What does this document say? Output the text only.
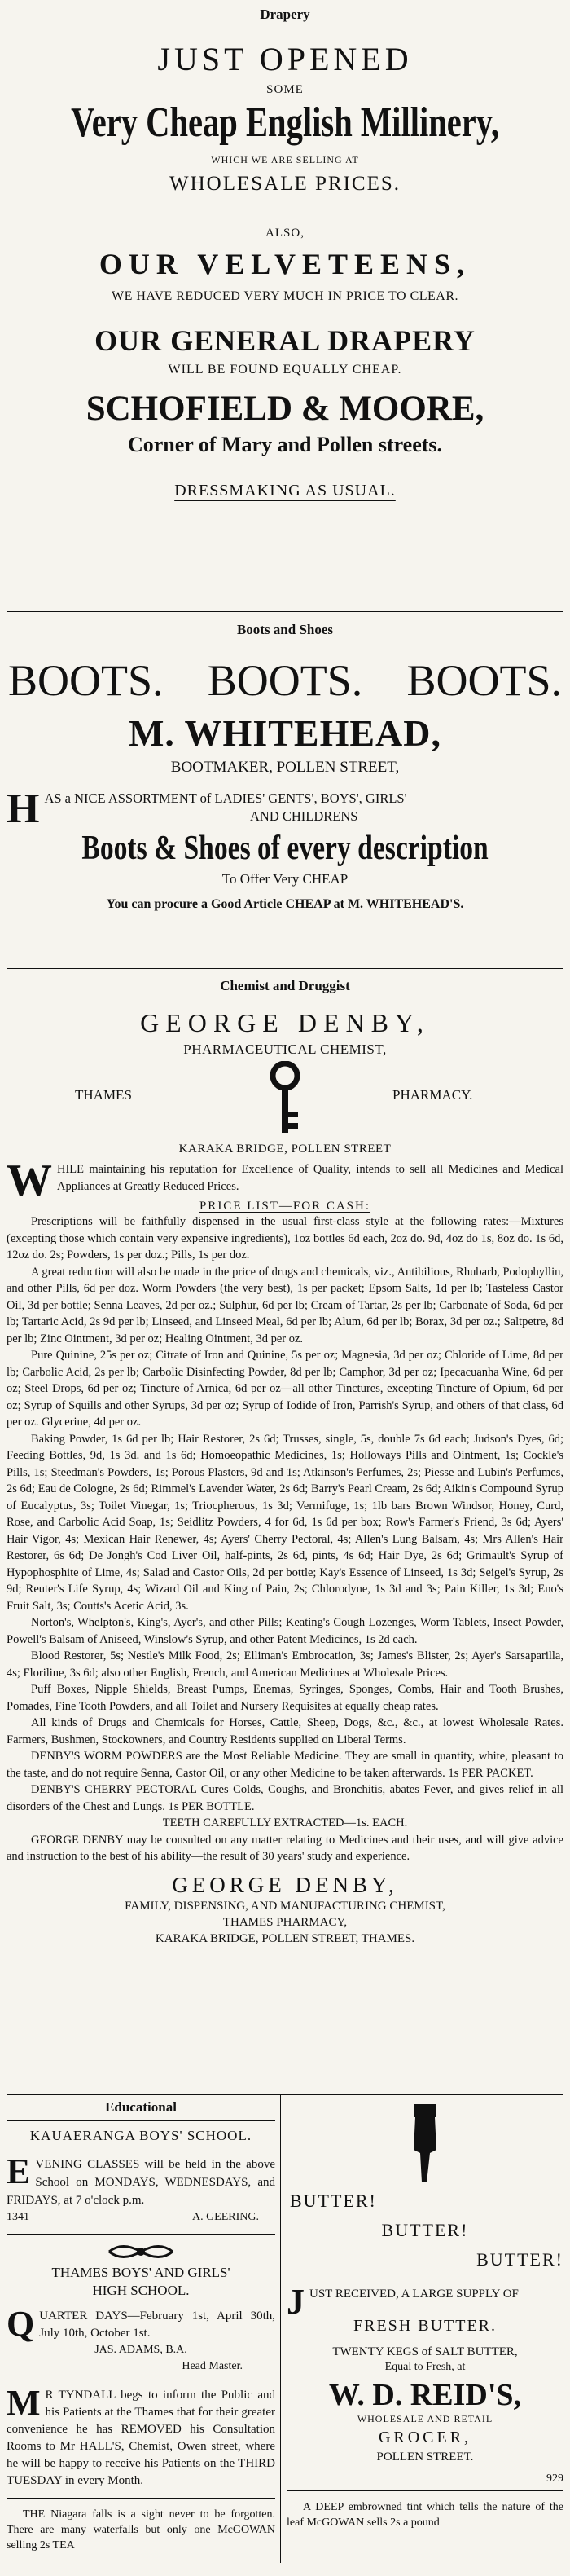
Drapery
JUST OPENED
SOME
Very Cheap English Millinery,
WHICH WE ARE SELLING AT
WHOLESALE PRICES.
ALSO,
OUR VELVETEENS,
WE HAVE REDUCED VERY MUCH IN PRICE TO CLEAR.
OUR GENERAL DRAPERY
WILL BE FOUND EQUALLY CHEAP.
SCHOFIELD & MOORE,
Corner of Mary and Pollen streets.
DRESSMAKING AS USUAL.
Boots and Shoes
BOOTS. BOOTS. BOOTS.
M. WHITEHEAD,
BOOTMAKER, POLLEN STREET,
H AS a NICE ASSORTMENT of LADIES' GENTS', BOYS', GIRLS'
AND CHILDRENS
Boots & Shoes of every description
To Offer Very CHEAP
You can procure a Good Article CHEAP at M. WHITEHEAD'S.
Chemist and Druggist
GEORGE DENBY,
PHARMACEUTICAL CHEMIST,
THAMES	PHARMACY.
KARAKA BRIDGE, POLLEN STREET
WHILE maintaining his reputation for Excellence of Quality, intends to sell all Medicines and Medical Appliances at Greatly Reduced Prices.
PRICE LIST—FOR CASH:
Prescriptions will be faithfully dispensed in the usual first-class style at the following rates:—Mixtures (excepting those which contain very expensive ingredients), 1oz bottles 6d each, 2oz do. 9d, 4oz do 1s, 8oz do. 1s 6d, 12oz do. 2s; Powders, 1s per doz.; Pills, 1s per doz.
A great reduction will also be made in the price of drugs and chemicals, viz., Antibilious, Rhubarb, Podophyllin, and other Pills, 6d per doz. Worm Powders (the very best), 1s per packet; Epsom Salts, 1d per lb; Tasteless Castor Oil, 3d per bottle; Senna Leaves, 2d per oz.; Sulphur, 6d per lb; Cream of Tartar, 2s per lb; Carbonate of Soda, 6d per lb; Tartaric Acid, 2s 9d per lb; Linseed, and Linseed Meal, 6d per lb; Alum, 6d per lb; Borax, 3d per oz.; Saltpetre, 8d per lb; Zinc Ointment, 3d per oz; Healing Ointment, 3d per oz.
Pure Quinine, 25s per oz; Citrate of Iron and Quinine, 5s per oz; Magnesia, 3d per oz; Chloride of Lime, 8d per lb; Carbolic Acid, 2s per lb; Carbolic Disinfecting Powder, 8d per lb; Camphor, 3d per oz; Ipecacuanha Wine, 6d per oz; Steel Drops, 6d per oz; Tincture of Arnica, 6d per oz—all other Tinctures, excepting Tincture of Opium, 6d per oz; Syrup of Squills and other Syrups, 3d per oz; Syrup of Iodide of Iron, Parrish's Syrup, and others of that class, 6d per oz. Glycerine, 4d per oz.
Baking Powder, 1s 6d per lb; Hair Restorer, 2s 6d; Trusses, single, 5s, double 7s 6d each; Judson's Dyes, 6d; Feeding Bottles, 9d, 1s 3d. and 1s 6d; Homoeopathic Medicines, 1s; Holloways Pills and Ointment, 1s; Cockle's Pills, 1s; Steedman's Powders, 1s; Porous Plasters, 9d and 1s; Atkinson's Perfumes, 2s; Piesse and Lubin's Perfumes, 2s 6d; Eau de Cologne, 2s 6d; Rimmel's Lavender Water, 2s 6d; Barry's Pearl Cream, 2s 6d; Aikin's Compound Syrup of Eucalyptus, 3s; Toilet Vinegar, 1s; Triocpherous, 1s 3d; Vermifuge, 1s; 1lb bars Brown Windsor, Honey, Curd, Rose, and Carbolic Acid Soap, 1s; Seidlitz Powders, 4 for 6d, 1s 6d per box; Row's Farmer's Friend, 3s 6d; Ayers' Hair Vigor, 4s; Mexican Hair Renewer, 4s; Ayers' Cherry Pectoral, 4s; Allen's Lung Balsam, 4s; Mrs Allen's Hair Restorer, 6s 6d; De Jongh's Cod Liver Oil, half-pints, 2s 6d, pints, 4s 6d; Hair Dye, 2s 6d; Grimault's Syrup of Hypophosphite of Lime, 4s; Salad and Castor Oils, 2d per bottle; Kay's Essence of Linseed, 1s 3d; Seigel's Syrup, 2s 9d; Reuter's Life Syrup, 4s; Wizard Oil and King of Pain, 2s; Chlorodyne, 1s 3d and 3s; Pain Killer, 1s 3d; Eno's Fruit Salt, 3s; Coutts's Acetic Acid, 3s.
Norton's, Whelpton's, King's, Ayer's, and other Pills; Keating's Cough Lozenges, Worm Tablets, Insect Powder, Powell's Balsam of Aniseed, Winslow's Syrup, and other Patent Medicines, 1s 2d each.
Blood Restorer, 5s; Nestle's Milk Food, 2s; Elliman's Embrocation, 3s; James's Blister, 2s; Ayer's Sarsaparilla, 4s; Floriline, 3s 6d; also other English, French, and American Medicines at Wholesale Prices.
Puff Boxes, Nipple Shields, Breast Pumps, Enemas, Syringes, Sponges, Combs, Hair and Tooth Brushes, Pomades, Fine Tooth Powders, and all Toilet and Nursery Requisites at equally cheap rates.
All kinds of Drugs and Chemicals for Horses, Cattle, Sheep, Dogs, &c., &c., at lowest Wholesale Rates. Farmers, Bushmen, Stockowners, and Country Residents supplied on Liberal Terms.
DENBY'S WORM POWDERS are the Most Reliable Medicine. They are small in quantity, white, pleasant to the taste, and do not require Senna, Castor Oil, or any other Medicine to be taken afterwards. 1s PER PACKET.
DENBY'S CHERRY PECTORAL Cures Colds, Coughs, and Bronchitis, abates Fever, and gives relief in all disorders of the Chest and Lungs. 1s PER BOTTLE.
TEETH CAREFULLY EXTRACTED—1s. EACH.
GEORGE DENBY may be consulted on any matter relating to Medicines and their uses, and will give advice and instruction to the best of his ability—the result of 30 years' study and experience.
GEORGE DENBY,
FAMILY, DISPENSING, AND MANUFACTURING CHEMIST,
THAMES PHARMACY,
KARAKA BRIDGE, POLLEN STREET, THAMES.
Educational
KAUAERANGA BOYS' SCHOOL.
EVENING CLASSES will be held in the above School on MONDAYS, WEDNESDAYS, and FRIDAYS, at 7 o'clock p.m.
1341	A. GEERING.
THAMES BOYS' AND GIRLS'
HIGH SCHOOL.
QUARTER DAYS—February 1st, April 30th, July 10th, October 1st.
JAS. ADAMS, B.A.
Head Master.
M R TYNDALL begs to inform the Public and his Patients at the Thames that for their greater convenience he has REMOVED his Consultation Rooms to Mr HALL'S, Chemist, Owen street, where he will be happy to receive his Patients on the THIRD TUESDAY in every Month.
THE Niagara falls is a sight never to be forgotten. There are many waterfalls but only one McGOWAN selling 2s TEA
BUTTER!
BUTTER!
BUTTER!
JUST RECEIVED, A LARGE SUPPLY OF
FRESH BUTTER.
TWENTY KEGS of SALT BUTTER,
Equal to Fresh, at
W. D. REID'S,
WHOLESALE AND RETAIL
GROCER,
POLLEN STREET.
929
A DEEP embrowned tint which tells the nature of the leaf McGOWAN sells 2s a pound
